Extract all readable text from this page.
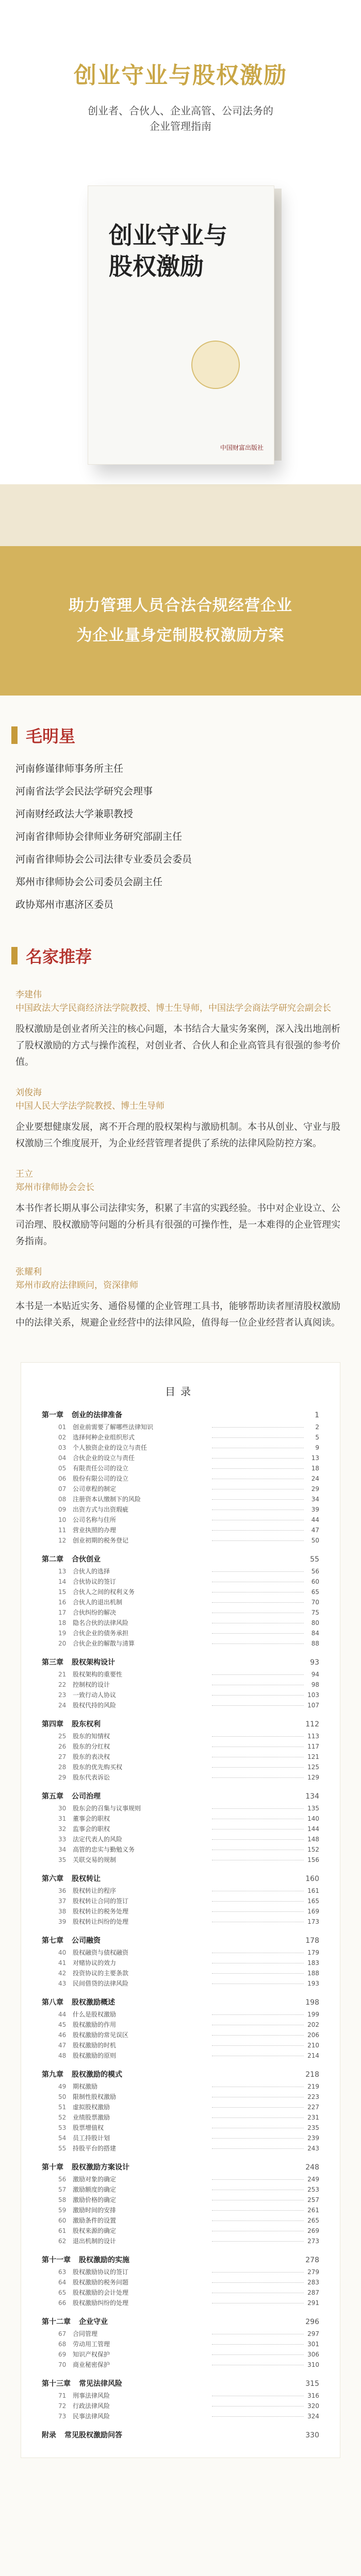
创业守业与股权激励
创业者、合伙人、企业高管、公司法务的
企业管理指南
创业守业与
股权激励
中国财富出版社
助力管理人员合法合规经营企业
为企业量身定制股权激励方案
毛明星
河南修谨律师事务所主任
河南省法学会民法学研究会理事
河南财经政法大学兼职教授
河南省律师协会律师业务研究部副主任
河南省律师协会公司法律专业委员会委员
郑州市律师协会公司委员会副主任
政协郑州市惠济区委员
名家推荐
李建伟
中国政法大学民商经济法学院教授、博士生导师，中国法学会商法学研究会副会长
股权激励是创业者所关注的核心问题，本书结合大量实务案例，深入浅出地剖析了股权激励的方式与操作流程，对创业者、合伙人和企业高管具有很强的参考价值。
刘俊海
中国人民大学法学院教授、博士生导师
企业要想健康发展，离不开合理的股权架构与激励机制。本书从创业、守业与股权激励三个维度展开，为企业经营管理者提供了系统的法律风险防控方案。
王立
郑州市律师协会会长
本书作者长期从事公司法律实务，积累了丰富的实践经验。书中对企业设立、公司治理、股权激励等问题的分析具有很强的可操作性，是一本难得的企业管理实务指南。
张耀利
郑州市政府法律顾问，资深律师
本书是一本贴近实务、通俗易懂的企业管理工具书，能够帮助读者厘清股权激励中的法律关系，规避企业经营中的法律风险，值得每一位企业经营者认真阅读。
目录
第一章 创业的法律准备	1
01 创业前需要了解哪些法律知识	2
02 选择何种企业组织形式	5
03 个人独资企业的设立与责任	9
04 合伙企业的设立与责任	13
05 有限责任公司的设立	18
06 股份有限公司的设立	24
07 公司章程的制定	29
08 注册资本认缴制下的风险	34
09 出资方式与出资瑕疵	39
10 公司名称与住所	44
11 营业执照的办理	47
12 创业初期的税务登记	50
第二章 合伙创业	55
13 合伙人的选择	56
14 合伙协议的签订	60
15 合伙人之间的权利义务	65
16 合伙人的退出机制	70
17 合伙纠纷的解决	75
18 隐名合伙的法律风险	80
19 合伙企业的债务承担	84
20 合伙企业的解散与清算	88
第三章 股权架构设计	93
21 股权架构的重要性	94
22 控制权的设计	98
23 一致行动人协议	103
24 股权代持的风险	107
第四章 股东权利	112
25 股东的知情权	113
26 股东的分红权	117
27 股东的表决权	121
28 股东的优先购买权	125
29 股东代表诉讼	129
第五章 公司治理	134
30 股东会的召集与议事规则	135
31 董事会的职权	140
32 监事会的职权	144
33 法定代表人的风险	148
34 高管的忠实与勤勉义务	152
35 关联交易的规制	156
第六章 股权转让	160
36 股权转让的程序	161
37 股权转让合同的签订	165
38 股权转让的税务处理	169
39 股权转让纠纷的处理	173
第七章 公司融资	178
40 股权融资与债权融资	179
41 对赌协议的效力	183
42 投资协议的主要条款	188
43 民间借贷的法律风险	193
第八章 股权激励概述	198
44 什么是股权激励	199
45 股权激励的作用	202
46 股权激励的常见误区	206
47 股权激励的时机	210
48 股权激励的原则	214
第九章 股权激励的模式	218
49 期权激励	219
50 限制性股权激励	223
51 虚拟股权激励	227
52 业绩股票激励	231
53 股票增值权	235
54 员工持股计划	239
55 持股平台的搭建	243
第十章 股权激励方案设计	248
56 激励对象的确定	249
57 激励额度的确定	253
58 激励价格的确定	257
59 激励时间的安排	261
60 激励条件的设置	265
61 股权来源的确定	269
62 退出机制的设计	273
第十一章 股权激励的实施	278
63 股权激励协议的签订	279
64 股权激励的税务问题	283
65 股权激励的会计处理	287
66 股权激励纠纷的处理	291
第十二章 企业守业	296
67 合同管理	297
68 劳动用工管理	301
69 知识产权保护	306
70 商业秘密保护	310
第十三章 常见法律风险	315
71 刑事法律风险	316
72 行政法律风险	320
73 民事法律风险	324
附录 常见股权激励问答	330
